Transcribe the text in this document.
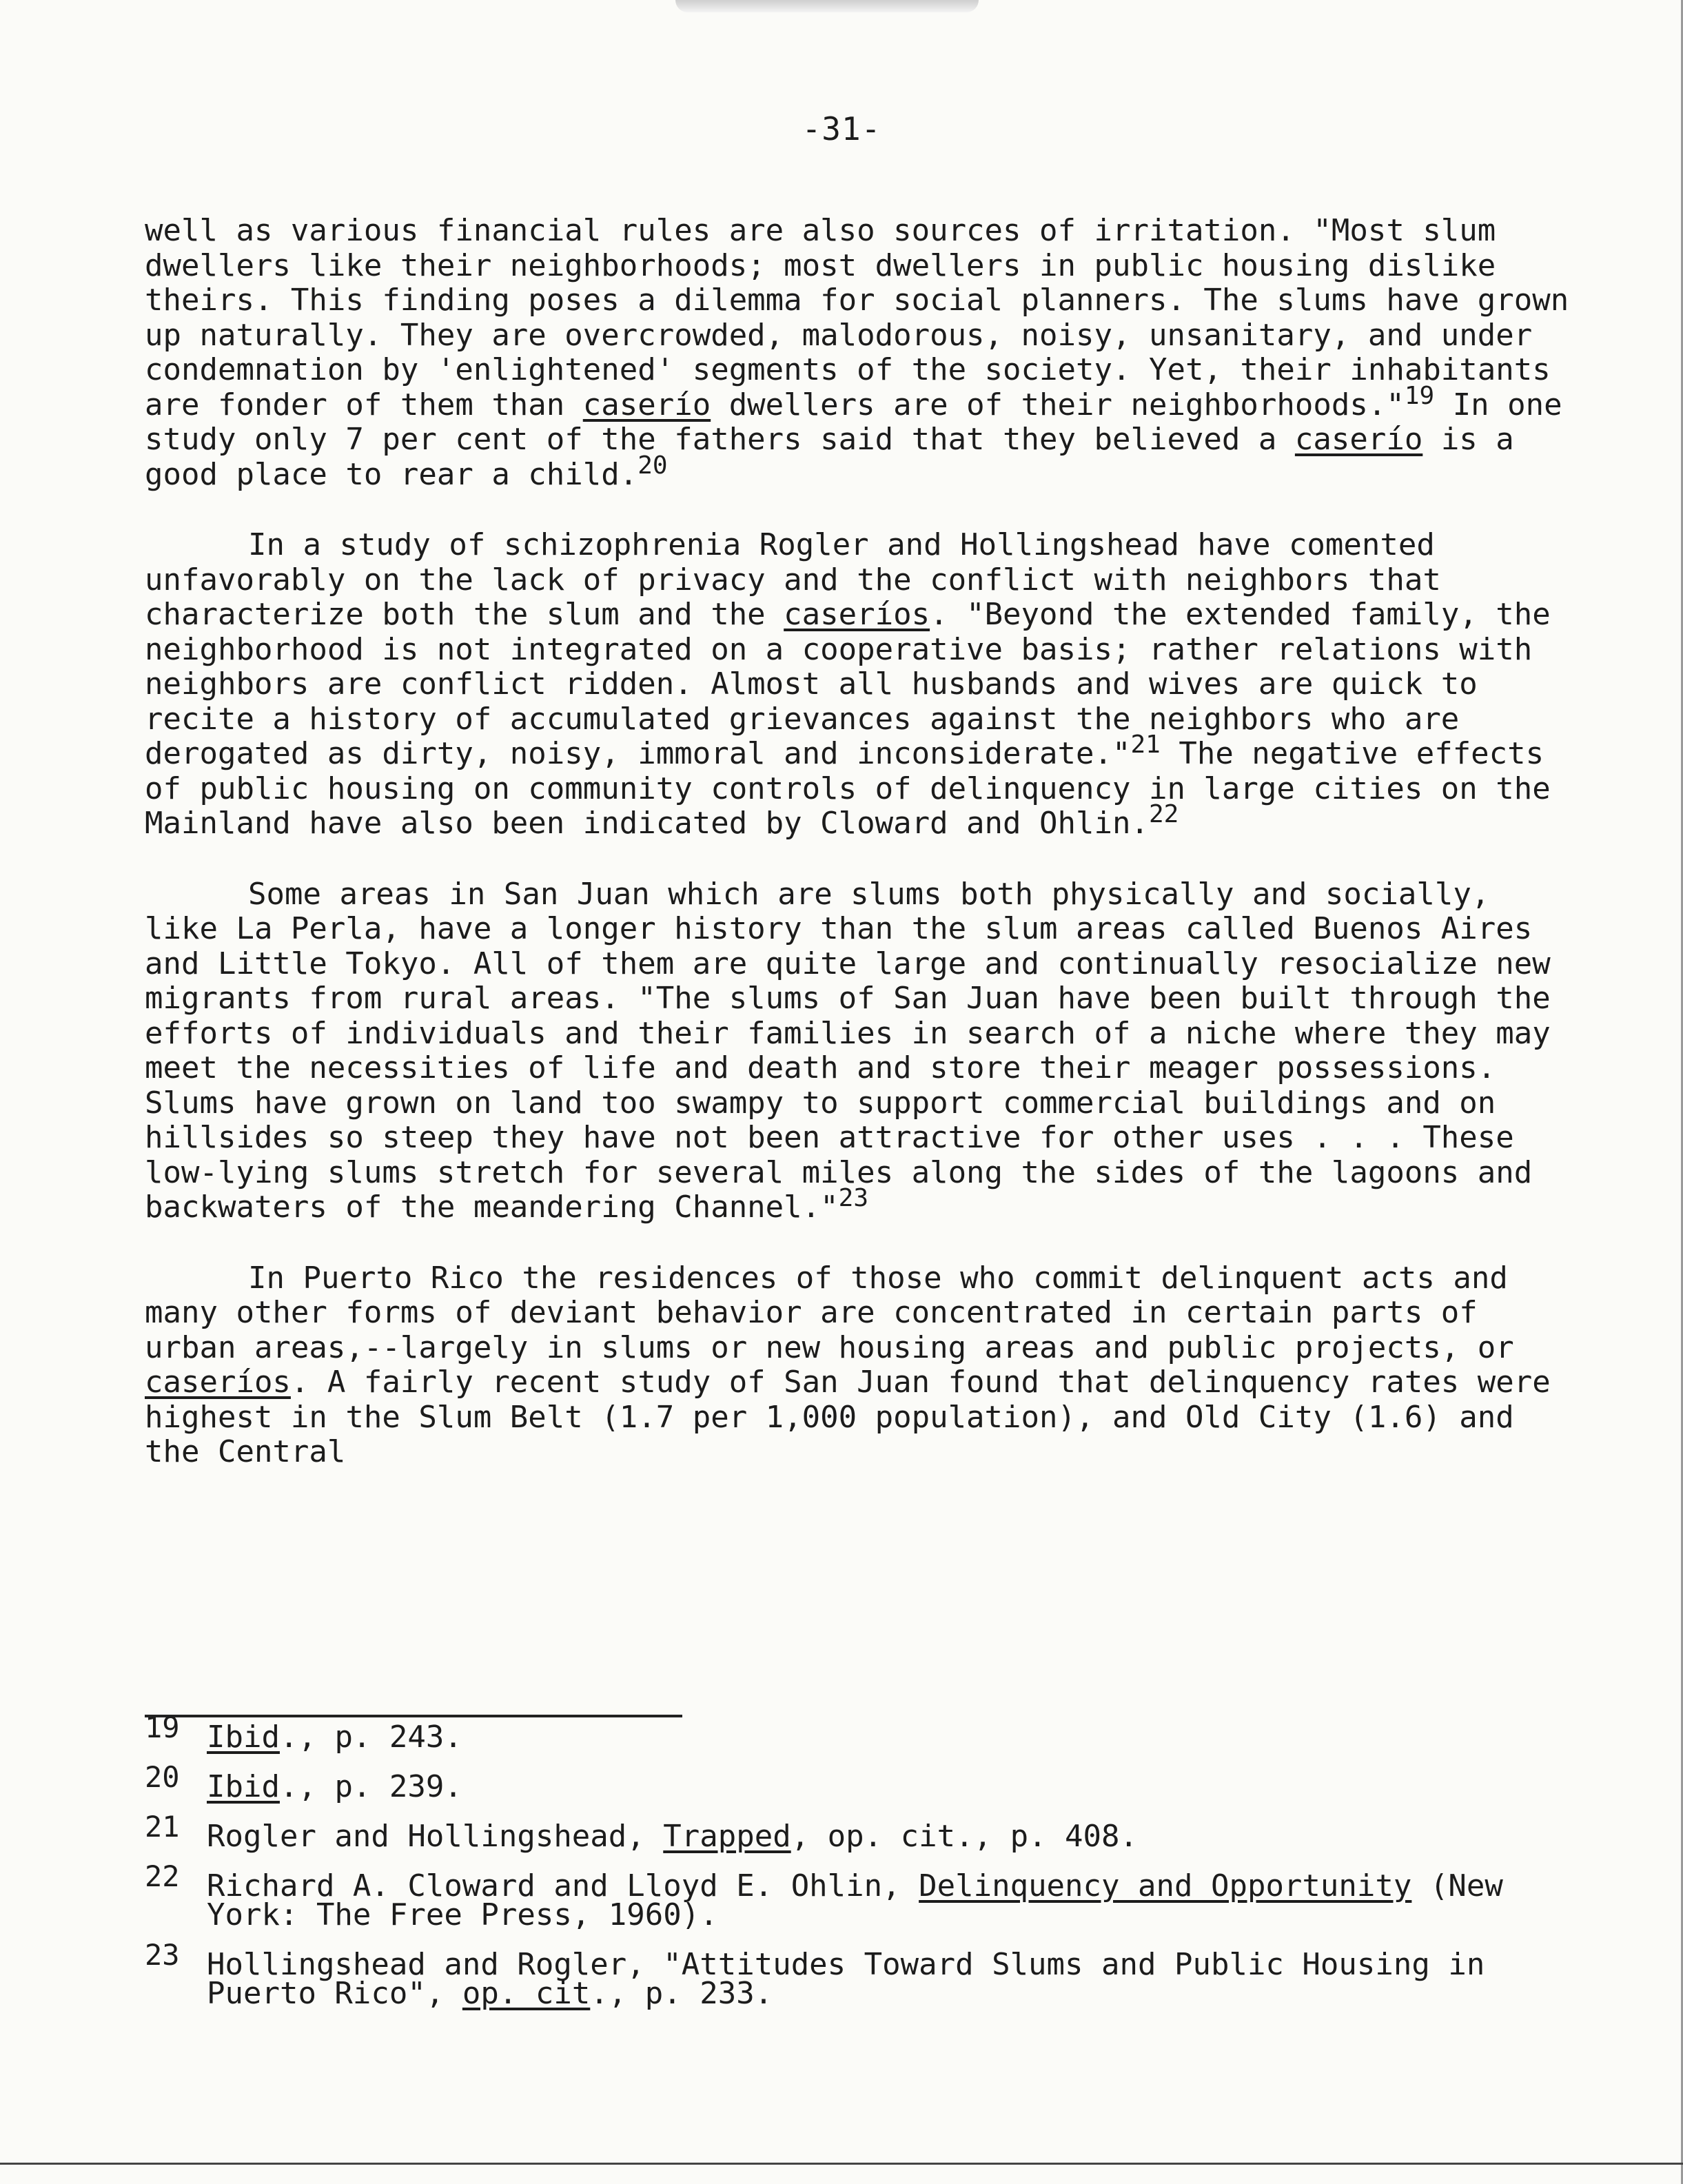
-31-

well as various financial rules are also sources of irritation. "Most slum dwellers like their neighborhoods; most dwellers in public housing dislike theirs. This finding poses a dilemma for social planners. The slums have grown up naturally. They are overcrowded, malodorous, noisy, unsanitary, and under condemnation by 'enlightened' segments of the society. Yet, their inhabitants are fonder of them than caserío dwellers are of their neighborhoods."$^{19}$ In one study only 7 per cent of the fathers said that they believed a caserío is a good place to rear a child.$^{20}$

In a study of schizophrenia Rogler and Hollingshead have comented unfavorably on the lack of privacy and the conflict with neighbors that characterize both the slum and the caseríos. "Beyond the extended family, the neighborhood is not integrated on a cooperative basis; rather relations with neighbors are conflict ridden. Almost all husbands and wives are quick to recite a history of accumulated grievances against the neighbors who are derogated as dirty, noisy, immoral and inconsiderate."$^{21}$ The negative effects of public housing on community controls of delinquency in large cities on the Mainland have also been indicated by Cloward and Ohlin.$^{22}$

Some areas in San Juan which are slums both physically and socially, like La Perla, have a longer history than the slum areas called Buenos Aires and Little Tokyo. All of them are quite large and continually resocialize new migrants from rural areas. "The slums of San Juan have been built through the efforts of individuals and their families in search of a niche where they may meet the necessities of life and death and store their meager possessions. Slums have grown on land too swampy to support commercial buildings and on hillsides so steep they have not been attractive for other uses . . . These low-lying slums stretch for several miles along the sides of the lagoons and backwaters of the meandering Channel."$^{23}$

In Puerto Rico the residences of those who commit delinquent acts and many other forms of deviant behavior are concentrated in certain parts of urban areas,--largely in slums or new housing areas and public projects, or caseríos. A fairly recent study of San Juan found that delinquency rates were highest in the Slum Belt (1.7 per 1,000 population), and Old City (1.6) and the Central

19 Ibid., p. 243.
20 Ibid., p. 239.
21 Rogler and Hollingshead, Trapped, op. cit., p. 408.
22 Richard A. Cloward and Lloyd E. Ohlin, Delinquency and Opportunity (New York: The Free Press, 1960).
23 Hollingshead and Rogler, "Attitudes Toward Slums and Public Housing in Puerto Rico", op. cit., p. 233.
